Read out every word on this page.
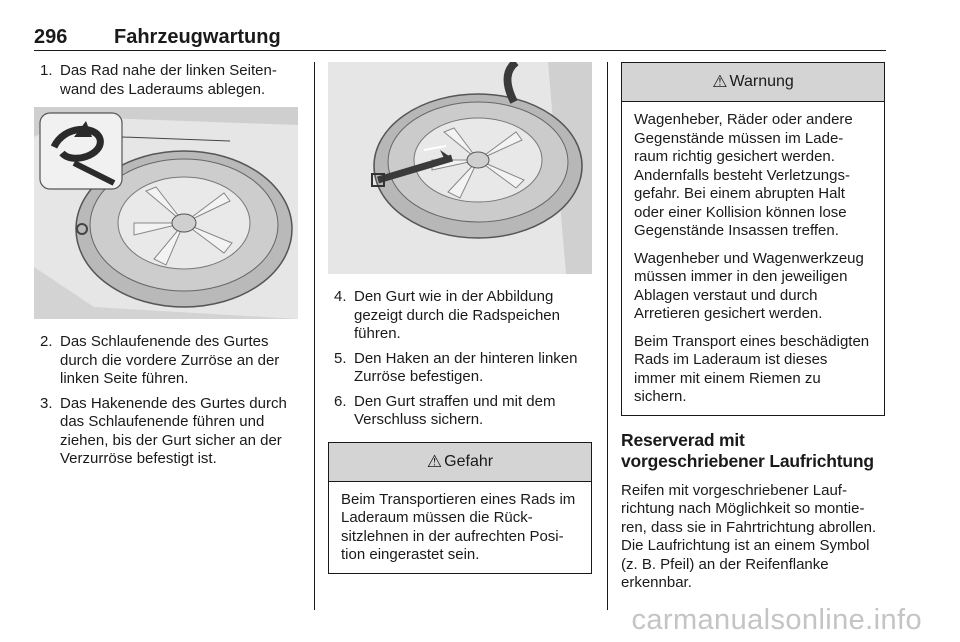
296 Fahrzeugwartung
1. Das Rad nahe der linken Seitenwand des Laderaums ablegen.
2. Das Schlaufenende des Gurtes durch die vordere Zurröse an der linken Seite führen.
3. Das Hakenende des Gurtes durch das Schlaufenende führen und ziehen, bis der Gurt sicher an der Verzurröse befestigt ist.
4. Den Gurt wie in der Abbildung gezeigt durch die Radspeichen führen.
5. Den Haken an der hinteren linken Zurröse befestigen.
6. Den Gurt straffen und mit dem Verschluss sichern.
⚠ Gefahr

Beim Transportieren eines Rads im Laderaum müssen die Rücksitzlehnen in der aufrechten Position eingerastet sein.

⚠ Warnung

Wagenheber, Räder oder andere Gegenstände müssen im Laderaum richtig gesichert werden. Andernfalls besteht Verletzungsgefahr. Bei einem abrupten Halt oder einer Kollision können lose Gegenstände Insassen treffen.

Wagenheber und Wagenwerkzeug müssen immer in den jeweiligen Ablagen verstaut und durch Arretieren gesichert werden.

Beim Transport eines beschädigten Rads im Laderaum ist dieses immer mit einem Riemen zu sichern.

Reserverad mit vorgeschriebener Laufrichtung

Reifen mit vorgeschriebener Laufrichtung nach Möglichkeit so montieren, dass sie in Fahrtrichtung abrollen. Die Laufrichtung ist an einem Symbol (z. B. Pfeil) an der Reifenflanke erkennbar.

carmanualsonline.info
